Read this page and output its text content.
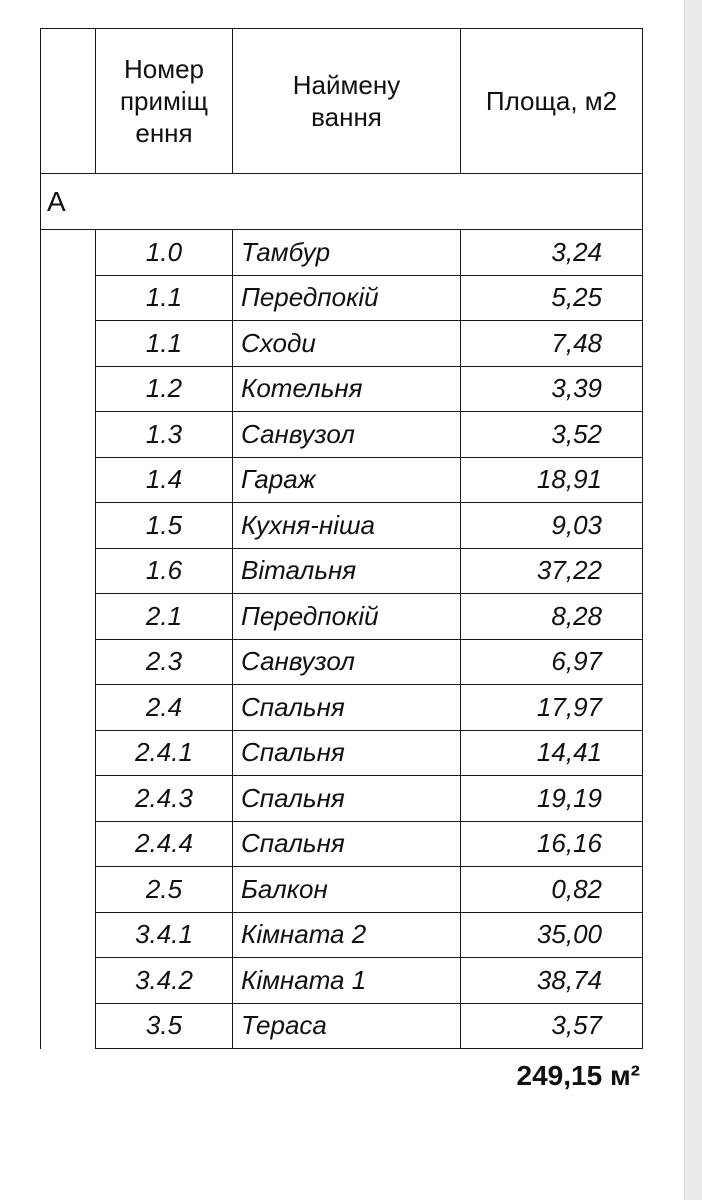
	Номер
приміщ
ення	Наймену
вання	Площа, м2
А			
	1.0	Тамбур	3,24
	1.1	Передпокій	5,25
	1.1	Сходи	7,48
	1.2	Котельня	3,39
	1.3	Санвузол	3,52
	1.4	Гараж	18,91
	1.5	Кухня-ніша	9,03
	1.6	Вітальня	37,22
	2.1	Передпокій	8,28
	2.3	Санвузол	6,97
	2.4	Спальня	17,97
	2.4.1	Спальня	14,41
	2.4.3	Спальня	19,19
	2.4.4	Спальня	16,16
	2.5	Балкон	0,82
	3.4.1	Кімната 2	35,00
	3.4.2	Кімната 1	38,74
	3.5	Тераса	3,57
249,15 м²
